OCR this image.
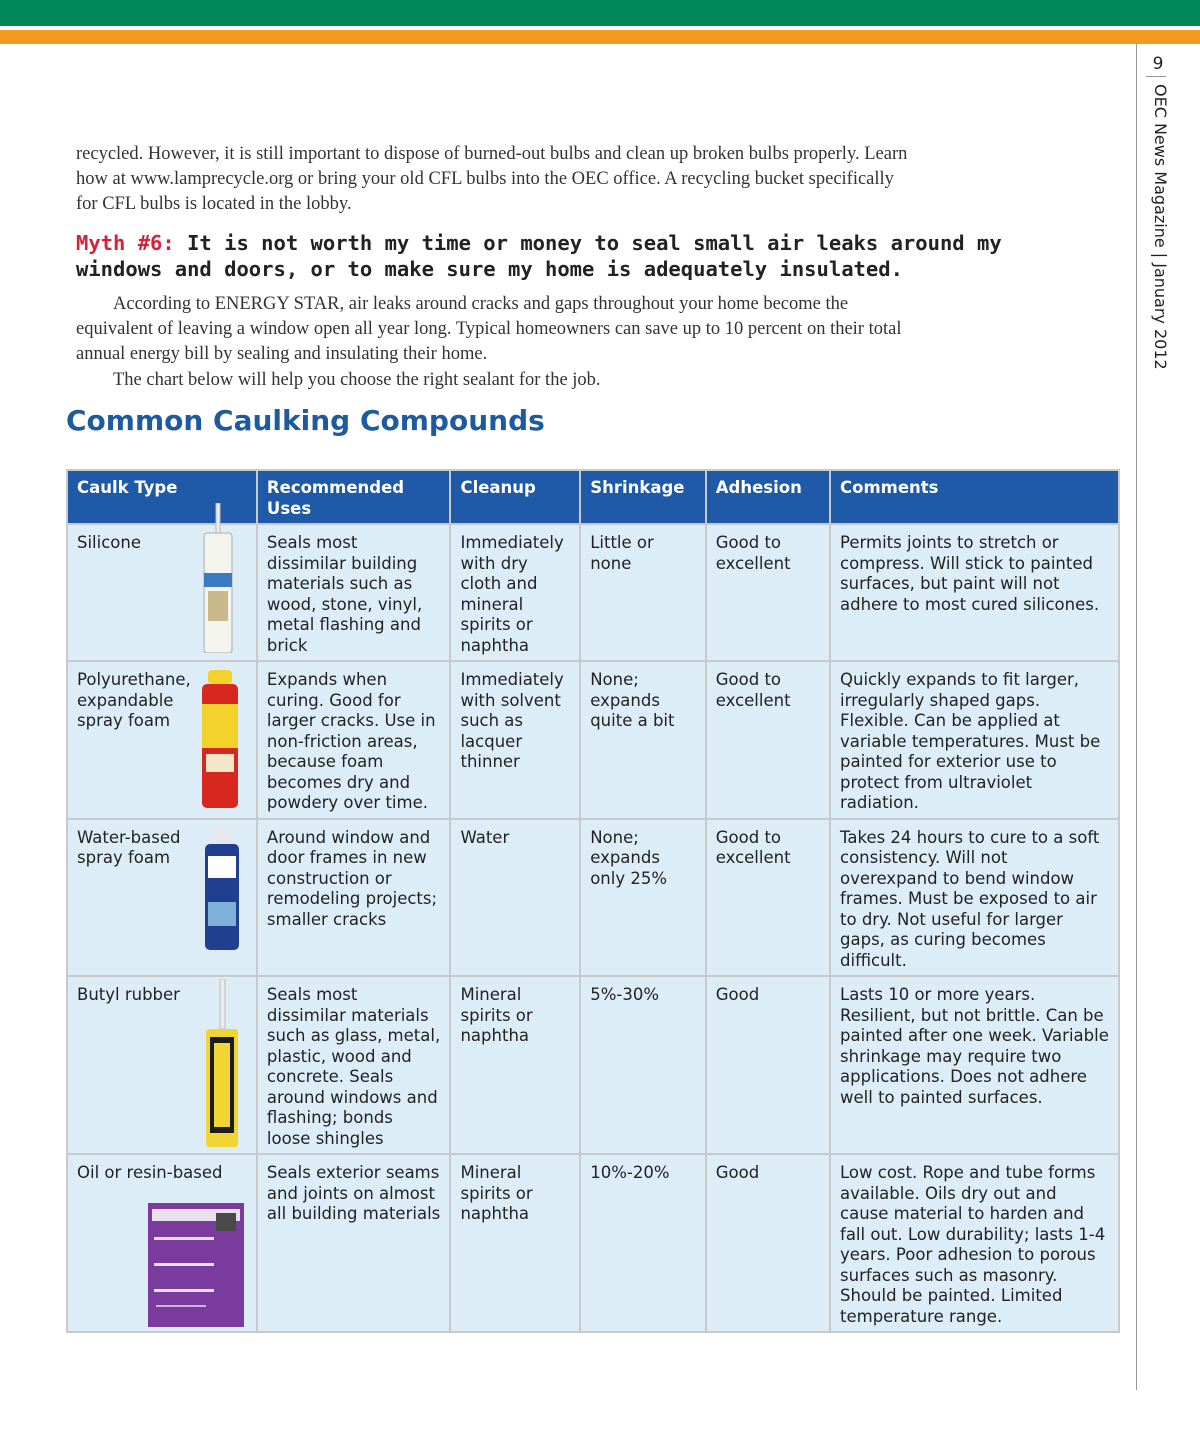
9
OEC News Magazine | January 2012
recycled. However, it is still important to dispose of burned-out bulbs and clean up broken bulbs properly. Learn
how at www.lamprecycle.org or bring your old CFL bulbs into the OEC office. A recycling bucket specifically
for CFL bulbs is located in the lobby.
Myth #6: It is not worth my time or money to seal small air leaks around my
windows and doors, or to make sure my home is adequately insulated.
According to ENERGY STAR, air leaks around cracks and gaps throughout your home become the
equivalent of leaving a window open all year long. Typical homeowners can save up to 10 percent on their total
annual energy bill by sealing and insulating their home.
The chart below will help you choose the right sealant for the job.
Common Caulking Compounds
Caulk Type	Recommended Uses	Cleanup	Shrinkage	Adhesion	Comments

Silicone	Seals most dissimilar building materials such as wood, stone, vinyl, metal flashing and brick	Immediately with dry cloth and mineral spirits or naphtha	Little or none	Good to excellent	Permits joints to stretch or compress. Will stick to painted surfaces, but paint will not adhere to most cured silicones.

Polyurethane, expandable spray foam	Expands when curing. Good for larger cracks. Use in non-friction areas, because foam becomes dry and powdery over time.	Immediately with solvent such as lacquer thinner	None; expands quite a bit	Good to excellent	Quickly expands to fit larger, irregularly shaped gaps. Flexible. Can be applied at variable temperatures. Must be painted for exterior use to protect from ultraviolet radiation.

Water-based spray foam	Around window and door frames in new construction or remodeling projects; smaller cracks	Water	None; expands only 25%	Good to excellent	Takes 24 hours to cure to a soft consistency. Will not overexpand to bend window frames. Must be exposed to air to dry. Not useful for larger gaps, as curing becomes difficult.

Butyl rubber	Seals most dissimilar materials such as glass, metal, plastic, wood and concrete. Seals around windows and flashing; bonds loose shingles	Mineral spirits or naphtha	5%-30%	Good	Lasts 10 or more years. Resilient, but not brittle. Can be painted after one week. Variable shrinkage may require two applications. Does not adhere well to painted surfaces.

Oil or resin-based	Seals exterior seams and joints on almost all building materials	Mineral spirits or naphtha	10%-20%	Good	Low cost. Rope and tube forms available. Oils dry out and cause material to harden and fall out. Low durability; lasts 1-4 years. Poor adhesion to porous surfaces such as masonry. Should be painted. Limited temperature range.
